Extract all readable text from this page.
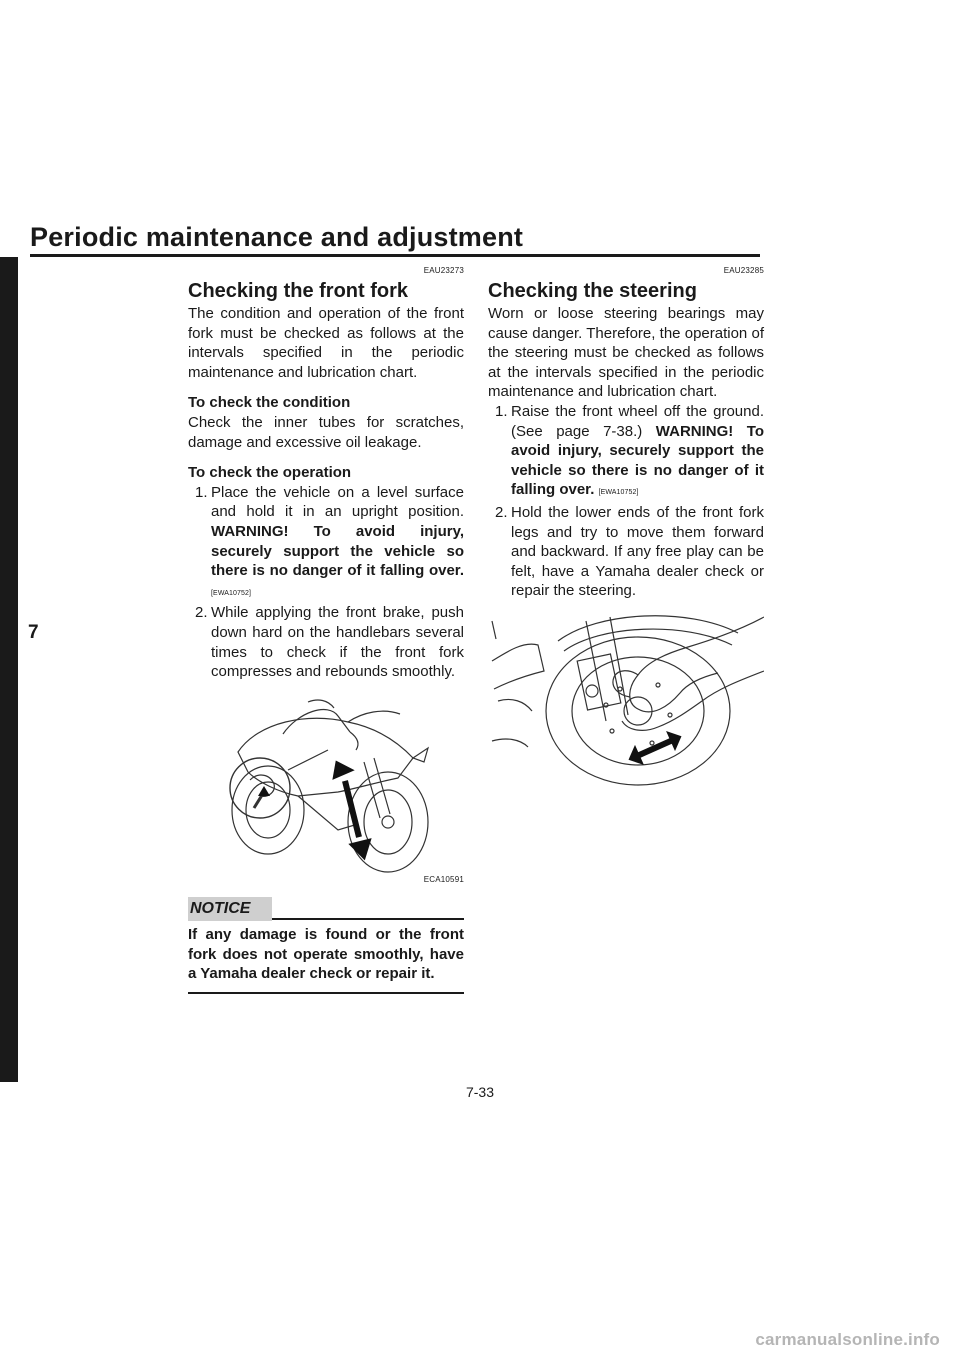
Periodic maintenance and adjustment
7
EAU23273
Checking the front fork

The condition and operation of the front fork must be checked as follows at the intervals specified in the periodic maintenance and lubrication chart.

To check the condition

Check the inner tubes for scratches, damage and excessive oil leakage.

To check the operation

1. Place the vehicle on a level surface and hold it in an upright position. WARNING! To avoid injury, securely support the vehicle so there is no danger of it falling over. [EWA10752]
2. While applying the front brake, push down hard on the handlebars several times to check if the front fork compresses and rebounds smoothly.
ECA10591
NOTICE

If any damage is found or the front fork does not operate smoothly, have a Yamaha dealer check or repair it.

EAU23285
Checking the steering

Worn or loose steering bearings may cause danger. Therefore, the operation of the steering must be checked as follows at the intervals specified in the periodic maintenance and lubrication chart.

1. Raise the front wheel off the ground. (See page 7-38.) WARNING! To avoid injury, securely support the vehicle so there is no danger of it falling over. [EWA10752]
2. Hold the lower ends of the front fork legs and try to move them forward and backward. If any free play can be felt, have a Yamaha dealer check or repair the steering.
7-33
carmanualsonline.info
